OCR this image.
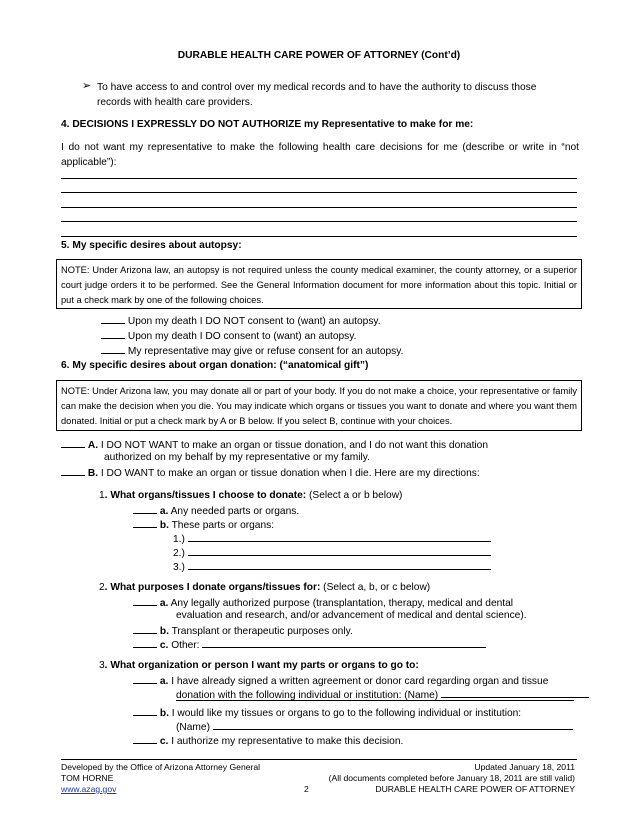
DURABLE HEALTH CARE POWER OF ATTORNEY (Cont’d)
➢ To have access to and control over my medical records and to have the authority to discuss those
records with health care providers.
4. DECISIONS I EXPRESSLY DO NOT AUTHORIZE my Representative to make for me:
I do not want my representative to make the following health care decisions for me (describe or write in “not applicable”):
5. My specific desires about autopsy:
NOTE: Under Arizona law, an autopsy is not required unless the county medical examiner, the county attorney, or a superior court judge orders it to be performed. See the General Information document for more information about this topic. Initial or put a check mark by one of the following choices.
Upon my death I DO NOT consent to (want) an autopsy.
Upon my death I DO consent to (want) an autopsy.
My representative may give or refuse consent for an autopsy.
6. My specific desires about organ donation: (“anatomical gift”)
NOTE: Under Arizona law, you may donate all or part of your body. If you do not make a choice, your representative or family can make the decision when you die. You may indicate which organs or tissues you want to donate and where you want them donated. Initial or put a check mark by A or B below. If you select B, continue with your choices.
A. I DO NOT WANT to make an organ or tissue donation, and I do not want this donation
authorized on my behalf by my representative or my family.
B. I DO WANT to make an organ or tissue donation when I die. Here are my directions:
1. What organs/tissues I choose to donate: (Select a or b below)
a. Any needed parts or organs.
b. These parts or organs:
1.)
2.)
3.)
2. What purposes I donate organs/tissues for: (Select a, b, or c below)
a. Any legally authorized purpose (transplantation, therapy, medical and dental
evaluation and research, and/or advancement of medical and dental science).
b. Transplant or therapeutic purposes only.
c. Other:
3. What organization or person I want my parts or organs to go to:
a. I have already signed a written agreement or donor card regarding organ and tissue
donation with the following individual or institution: (Name)
b. I would like my tissues or organs to go to the following individual or institution:
(Name)
c. I authorize my representative to make this decision.
Developed by the Office of Arizona Attorney General
TOM HORNE
www.azag.gov	2
Updated January 18, 2011
(All documents completed before January 18, 2011 are still valid)
DURABLE HEALTH CARE POWER OF ATTORNEY
